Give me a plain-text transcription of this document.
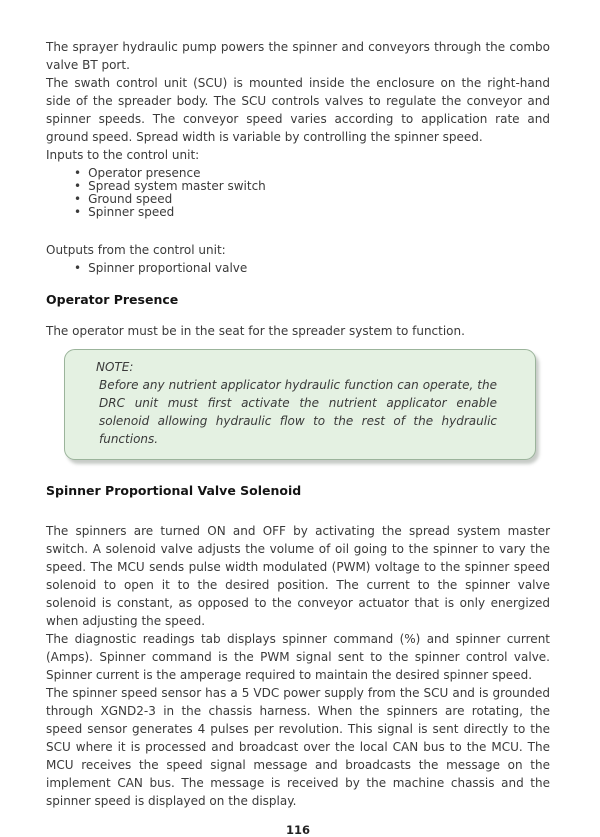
The sprayer hydraulic pump powers the spinner and conveyors through the combo valve BT port.

The swath control unit (SCU) is mounted inside the enclosure on the right-hand side of the spreader body. The SCU controls valves to regulate the conveyor and spinner speeds. The conveyor speed varies according to application rate and ground speed. Spread width is variable by controlling the spinner speed.

Inputs to the control unit:

• Operator presence
• Spread system master switch
• Ground speed
• Spinner speed

Outputs from the control unit:

• Spinner proportional valve
Operator Presence

The operator must be in the seat for the spreader system to function.

NOTE:
Before any nutrient applicator hydraulic function can operate, the DRC unit must first activate the nutrient applicator enable solenoid allowing hydraulic flow to the rest of the hydraulic functions.
Spinner Proportional Valve Solenoid

The spinners are turned ON and OFF by activating the spread system master switch. A solenoid valve adjusts the volume of oil going to the spinner to vary the speed. The MCU sends pulse width modulated (PWM) voltage to the spinner speed solenoid to open it to the desired position. The current to the spinner valve solenoid is constant, as opposed to the conveyor actuator that is only energized when adjusting the speed.

The diagnostic readings tab displays spinner command (%) and spinner current (Amps). Spinner command is the PWM signal sent to the spinner control valve. Spinner current is the amperage required to maintain the desired spinner speed.

The spinner speed sensor has a 5 VDC power supply from the SCU and is grounded through XGND2-3 in the chassis harness. When the spinners are rotating, the speed sensor generates 4 pulses per revolution. This signal is sent directly to the SCU where it is processed and broadcast over the local CAN bus to the MCU. The MCU receives the speed signal message and broadcasts the message on the implement CAN bus. The message is received by the machine chassis and the spinner speed is displayed on the display.

116
